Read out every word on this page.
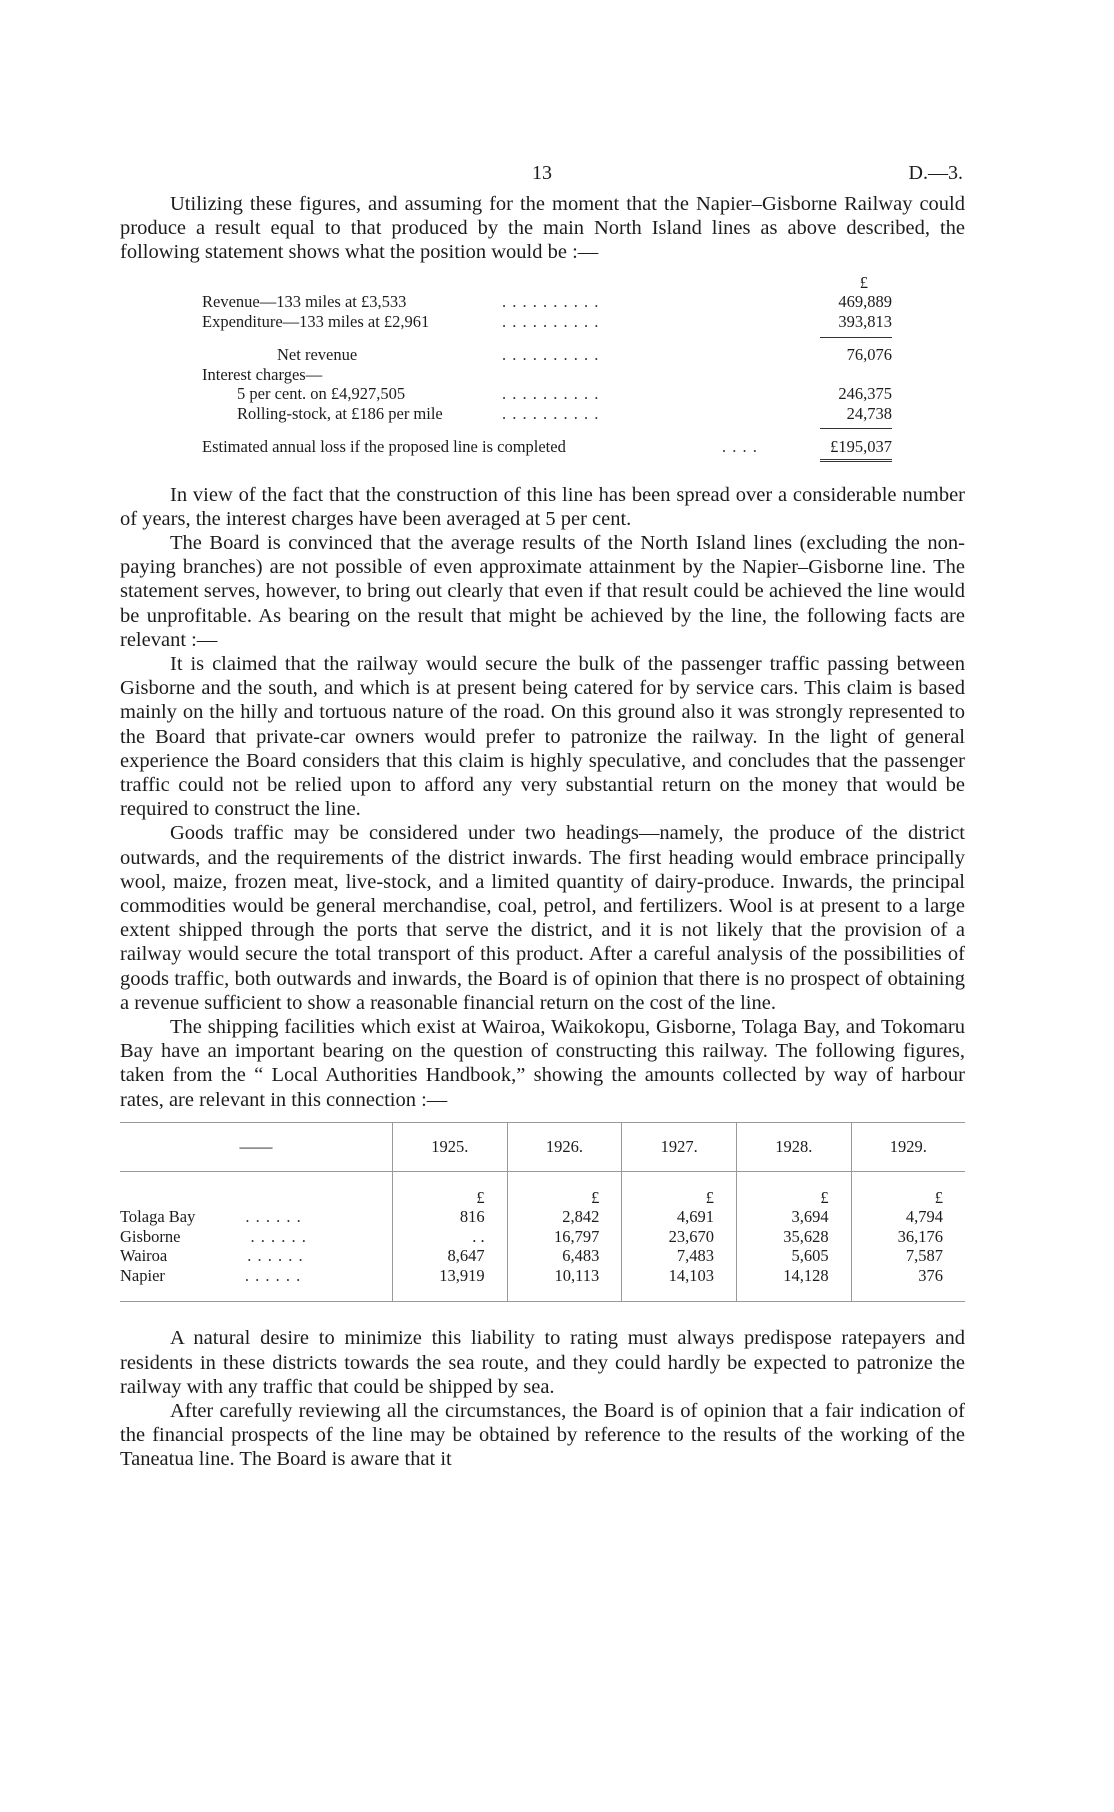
13	D.—3.

Utilizing these figures, and assuming for the moment that the Napier–Gisborne Railway could produce a result equal to that produced by the main North Island lines as above described, the following statement shows what the position would be :—

£
Revenue—133 miles at £3,533	. . . . . . . . . .	469,889
Expenditure—133 miles at £2,961	. . . . . . . . . .	393,813
Net revenue	. . . . . . . . . .	76,076
Interest charges—
5 per cent. on £4,927,505	. . . . . . . . . .	246,375
Rolling-stock, at £186 per mile	. . . . . . . . . .	24,738
Estimated annual loss if the proposed line is completed	. . . .	£195,037

In view of the fact that the construction of this line has been spread over a considerable number of years, the interest charges have been averaged at 5 per cent.

The Board is convinced that the average results of the North Island lines (excluding the non-paying branches) are not possible of even approximate attainment by the Napier–Gisborne line. The statement serves, however, to bring out clearly that even if that result could be achieved the line would be unprofitable. As bearing on the result that might be achieved by the line, the following facts are relevant :—

It is claimed that the railway would secure the bulk of the passenger traffic passing between Gisborne and the south, and which is at present being catered for by service cars. This claim is based mainly on the hilly and tortuous nature of the road. On this ground also it was strongly represented to the Board that private-car owners would prefer to patronize the railway. In the light of general experience the Board considers that this claim is highly speculative, and concludes that the passenger traffic could not be relied upon to afford any very substantial return on the money that would be required to construct the line.

Goods traffic may be considered under two headings—namely, the produce of the district outwards, and the requirements of the district inwards. The first heading would embrace principally wool, maize, frozen meat, live-stock, and a limited quantity of dairy-produce. Inwards, the principal commodities would be general merchandise, coal, petrol, and fertilizers. Wool is at present to a large extent shipped through the ports that serve the district, and it is not likely that the provision of a railway would secure the total transport of this product. After a careful analysis of the possibilities of goods traffic, both outwards and inwards, the Board is of opinion that there is no prospect of obtaining a revenue sufficient to show a reasonable financial return on the cost of the line.

The shipping facilities which exist at Wairoa, Waikokopu, Gisborne, Tolaga Bay, and Tokomaru Bay have an important bearing on the question of constructing this railway. The following figures, taken from the “ Local Authorities Handbook,” showing the amounts collected by way of harbour rates, are relevant in this connection :—

——	1925.	1926.	1927.	1928.	1929.
	£	£	£	£	£
Tolaga Bay . . . . . .	816	2,842	4,691	3,694	4,794
Gisborne . . . . . .	. .	16,797	23,670	35,628	36,176
Wairoa . . . . . .	8,647	6,483	7,483	5,605	7,587
Napier . . . . . .	13,919	10,113	14,103	14,128	376

A natural desire to minimize this liability to rating must always predispose ratepayers and residents in these districts towards the sea route, and they could hardly be expected to patronize the railway with any traffic that could be shipped by sea.

After carefully reviewing all the circumstances, the Board is of opinion that a fair indication of the financial prospects of the line may be obtained by reference to the results of the working of the Taneatua line. The Board is aware that it
